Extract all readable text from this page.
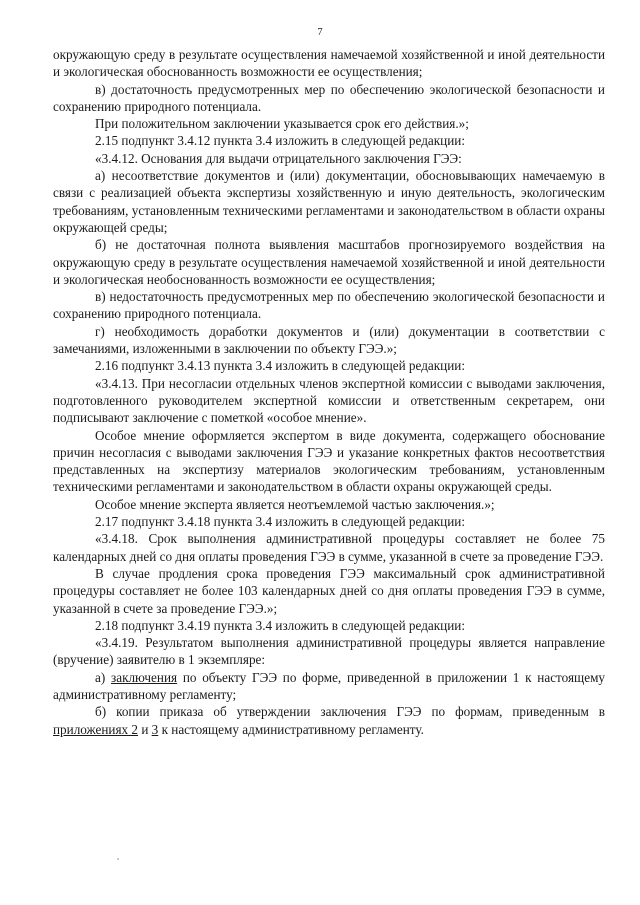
7

окружающую среду в результате осуществления намечаемой хозяйственной и иной деятельности и экологическая обоснованность возможности ее осуществления;

в) достаточность предусмотренных мер по обеспечению экологической безопасности и сохранению природного потенциала.

При положительном заключении указывается срок его действия.»;

2.15 подпункт 3.4.12 пункта 3.4 изложить в следующей редакции:

«3.4.12. Основания для выдачи отрицательного заключения ГЭЭ:

а) несоответствие документов и (или) документации, обосновывающих намечаемую в связи с реализацией объекта экспертизы хозяйственную и иную деятельность, экологическим требованиям, установленным техническими регламентами и законодательством в области охраны окружающей среды;

б) не достаточная полнота выявления масштабов прогнозируемого воздействия на окружающую среду в результате осуществления намечаемой хозяйственной и иной деятельности и экологическая необоснованность возможности ее осуществления;

в) недостаточность предусмотренных мер по обеспечению экологической безопасности и сохранению природного потенциала.

г) необходимость доработки документов и (или) документации в соответствии с замечаниями, изложенными в заключении по объекту ГЭЭ.»;

2.16 подпункт 3.4.13 пункта 3.4 изложить в следующей редакции:

«3.4.13. При несогласии отдельных членов экспертной комиссии с выводами заключения, подготовленного руководителем экспертной комиссии и ответственным секретарем, они подписывают заключение с пометкой «особое мнение».

Особое мнение оформляется экспертом в виде документа, содержащего обоснование причин несогласия с выводами заключения ГЭЭ и указание конкретных фактов несоответствия представленных на экспертизу материалов экологическим требованиям, установленным техническими регламентами и законодательством в области охраны окружающей среды.

Особое мнение эксперта является неотъемлемой частью заключения.»;

2.17 подпункт 3.4.18 пункта 3.4 изложить в следующей редакции:

«3.4.18. Срок выполнения административной процедуры составляет не более 75 календарных дней со дня оплаты проведения ГЭЭ в сумме, указанной в счете за проведение ГЭЭ.

В случае продления срока проведения ГЭЭ максимальный срок административной процедуры составляет не более 103 календарных дней со дня оплаты проведения ГЭЭ в сумме, указанной в счете за проведение ГЭЭ.»;

2.18 подпункт 3.4.19 пункта 3.4 изложить в следующей редакции:

«3.4.19. Результатом выполнения административной процедуры является направление (вручение) заявителю в 1 экземпляре:

а) заключения по объекту ГЭЭ по форме, приведенной в приложении 1 к настоящему административному регламенту;

б) копии приказа об утверждении заключения ГЭЭ по формам, приведенным в приложениях 2 и 3 к настоящему административному регламенту.
